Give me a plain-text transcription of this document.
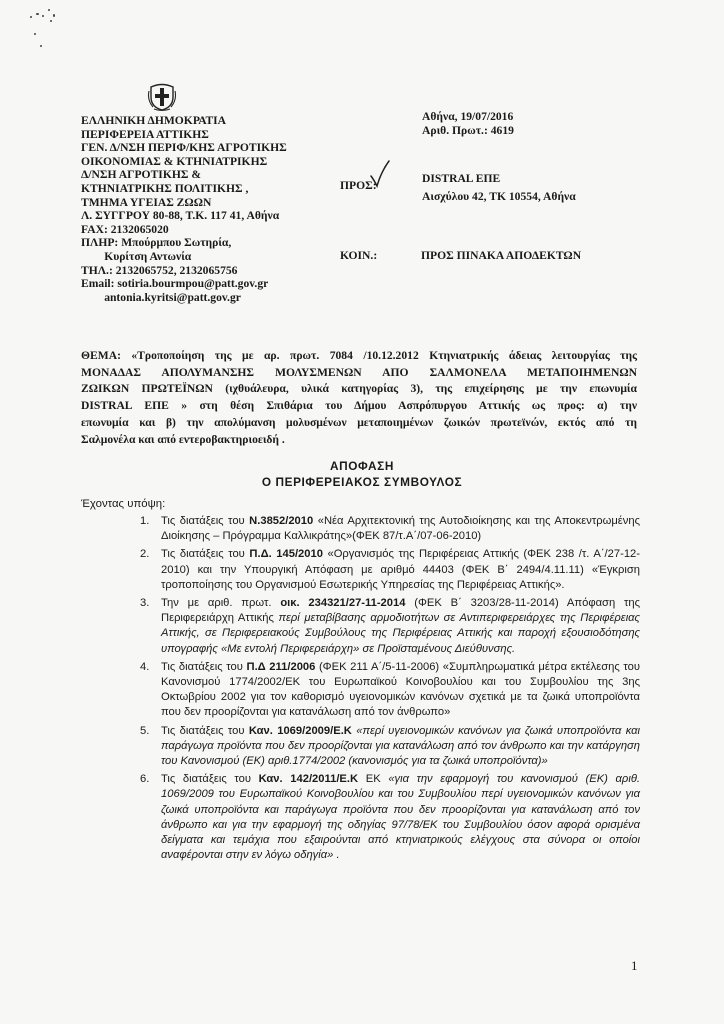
ΕΛΛΗΝΙΚΗ ΔΗΜΟΚΡΑΤΙΑ
ΠΕΡΙΦΕΡΕΙΑ ΑΤΤΙΚΗΣ
ΓΕΝ. Δ/ΝΣΗ ΠΕΡΙΦ/ΚΗΣ ΑΓΡΟΤΙΚΗΣ
ΟΙΚΟΝΟΜΙΑΣ & ΚΤΗΝΙΑΤΡΙΚΗΣ
Δ/ΝΣΗ ΑΓΡΟΤΙΚΗΣ &
ΚΤΗΝΙΑΤΡΙΚΗΣ ΠΟΛΙΤΙΚΗΣ ,
ΤΜΗΜΑ ΥΓΕΙΑΣ ΖΩΩΝ
Λ. ΣΥΓΓΡΟΥ 80-88, Τ.Κ. 117 41, Αθήνα
FAX: 2132065020
ΠΛΗΡ: Μπούρμπου Σωτηρία,
Κυρίτση Αντωνία
ΤΗΛ.: 2132065752, 2132065756
Email: sotiria.bourmpou@patt.gov.gr
antonia.kyritsi@patt.gov.gr
Αθήνα, 19/07/2016
Αριθ. Πρωτ.: 4619
ΠΡΟΣ:
DISTRAL ΕΠΕ
Αισχύλου 42, ΤΚ 10554, Αθήνα
ΚΟΙΝ.:	ΠΡΟΣ ΠΙΝΑΚΑ ΑΠΟΔΕΚΤΩΝ
ΘΕΜΑ: «Τροποποίηση της με αρ. πρωτ. 7084 /10.12.2012 Κτηνιατρικής άδειας λειτουργίας της
ΜΟΝΑΔΑΣ ΑΠΟΛΥΜΑΝΣΗΣ ΜΟΛΥΣΜΕΝΩΝ ΑΠΟ ΣΑΛΜΟΝΕΛΑ ΜΕΤΑΠΟΙΗΜΕΝΩΝ
ΖΩΙΚΩΝ ΠΡΩΤΕΪΝΩΝ (ιχθυάλευρα, υλικά κατηγορίας 3), της επιχείρησης με την επωνυμία
DISTRAL ΕΠΕ » στη θέση Σπιθάρια του Δήμου Ασπρόπυργου Αττικής ως προς: α) την
επωνυμία και β) την απολύμανση μολυσμένων μεταποιημένων ζωικών πρωτεϊνών, εκτός από τη
Σαλμονέλα και από εντεροβακτηριοειδή .
ΑΠΟΦΑΣΗ
Ο ΠΕΡΙΦΕΡΕΙΑΚΟΣ ΣΥΜΒΟΥΛΟΣ
Έχοντας υπόψη:
1. Τις διατάξεις του Ν.3852/2010 «Νέα Αρχιτεκτονική της Αυτοδιοίκησης και της Αποκεντρωμένης Διοίκησης – Πρόγραμμα Καλλικράτης»(ΦΕΚ 87/τ.Α΄/07-06-2010)
2. Τις διατάξεις του Π.Δ. 145/2010 «Οργανισμός της Περιφέρειας Αττικής (ΦΕΚ 238 /τ. Α΄/27-12-2010) και την Υπουργική Απόφαση με αριθμό 44403 (ΦΕΚ Β΄ 2494/4.11.11) «Έγκριση τροποποίησης του Οργανισμού Εσωτερικής Υπηρεσίας της Περιφέρειας Αττικής».
3. Την με αριθ. πρωτ. οικ. 234321/27-11-2014 (ΦΕΚ Β΄ 3203/28-11-2014) Απόφαση της Περιφερειάρχη Αττικής περί μεταβίβασης αρμοδιοτήτων σε Αντιπεριφερειάρχες της Περιφέρειας Αττικής, σε Περιφερειακούς Συμβούλους της Περιφέρειας Αττικής και παροχή εξουσιοδότησης υπογραφής «Με εντολή Περιφερειάρχη» σε Προϊσταμένους Διεύθυνσης.
4. Τις διατάξεις του Π.Δ 211/2006 (ΦΕΚ 211 Α΄/5-11-2006) «Συμπληρωματικά μέτρα εκτέλεσης του Κανονισμού 1774/2002/ΕΚ του Ευρωπαϊκού Κοινοβουλίου και του Συμβουλίου της 3ης Οκτωβρίου 2002 για τον καθορισμό υγειονομικών κανόνων σχετικά με τα ζωικά υποπροϊόντα που δεν προορίζονται για κατανάλωση από τον άνθρωπο»
5. Τις διατάξεις του Καν. 1069/2009/Ε.Κ «περί υγειονομικών κανόνων για ζωικά υποπροϊόντα και παράγωγα προϊόντα που δεν προορίζονται για κατανάλωση από τον άνθρωπο και την κατάργηση του Κανονισμού (ΕΚ) αριθ.1774/2002 (κανονισμός για τα ζωικά υποπροϊόντα)»
6. Τις διατάξεις του Καν. 142/2011/Ε.Κ ΕΚ «για την εφαρμογή του κανονισμού (ΕΚ) αριθ. 1069/2009 του Ευρωπαϊκού Κοινοβουλίου και του Συμβουλίου περί υγειονομικών κανόνων για ζωικά υποπροϊόντα και παράγωγα προϊόντα που δεν προορίζονται για κατανάλωση από τον άνθρωπο και για την εφαρμογή της οδηγίας 97/78/ΕΚ του Συμβουλίου όσον αφορά ορισμένα δείγματα και τεμάχια που εξαιρούνται από κτηνιατρικούς ελέγχους στα σύνορα οι οποίοι αναφέρονται στην εν λόγω οδηγία» .
1
